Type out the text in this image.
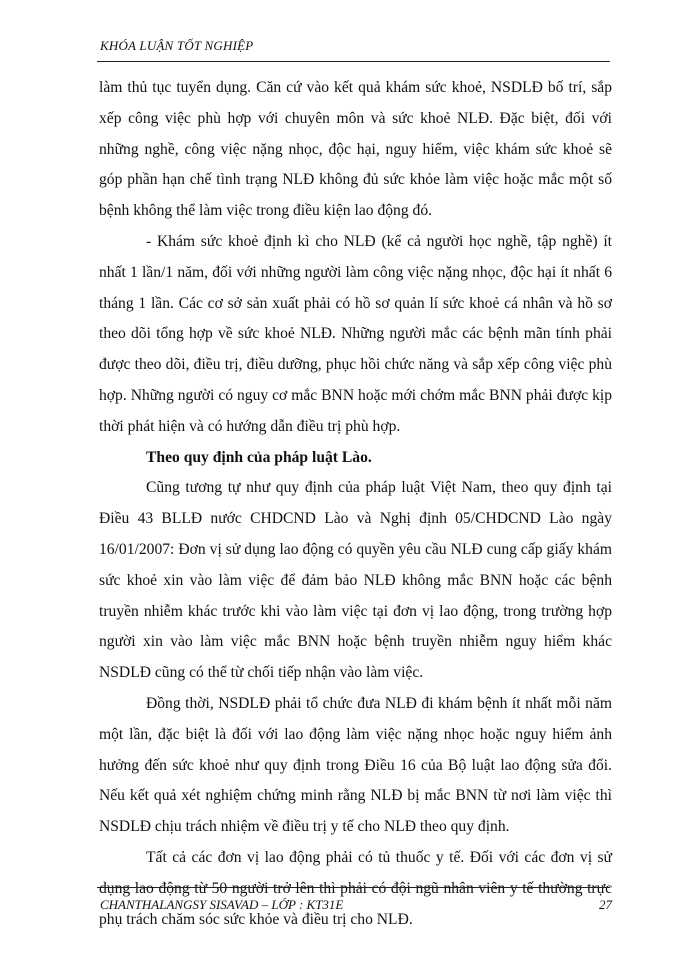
KHÓA LUẬN TỐT NGHIỆP

làm thủ tục tuyển dụng. Căn cứ vào kết quả khám sức khoẻ, NSDLĐ bố trí, sắp xếp công việc phù hợp với chuyên môn và sức khoẻ NLĐ. Đặc biệt, đối với những nghề, công việc nặng nhọc, độc hại, nguy hiểm, việc khám sức khoẻ sẽ góp phần hạn chế tình trạng NLĐ không đủ sức khỏe làm việc hoặc mắc một số bệnh không thể làm việc trong điều kiện lao động đó.

- Khám sức khoẻ định kì cho NLĐ (kể cả người học nghề, tập nghề) ít nhất 1 lần/1 năm, đối với những người làm công việc nặng nhọc, độc hại ít nhất 6 tháng 1 lần. Các cơ sở sản xuất phải có hồ sơ quản lí sức khoẻ cá nhân và hồ sơ theo dõi tổng hợp về sức khoẻ NLĐ. Những người mắc các bệnh mãn tính phải được theo dõi, điều trị, điều dưỡng, phục hồi chức năng và sắp xếp công việc phù hợp. Những người có nguy cơ mắc BNN hoặc mới chớm mắc BNN phải được kịp thời phát hiện và có hướng dẫn điều trị phù hợp.

Theo quy định của pháp luật Lào.

Cũng tương tự như quy định của pháp luật Việt Nam, theo quy định tại Điều 43 BLLĐ nước CHDCND Lào và Nghị định 05/CHDCND Lào ngày 16/01/2007: Đơn vị sử dụng lao động có quyền yêu cầu NLĐ cung cấp giấy khám sức khoẻ xin vào làm việc để đảm bảo NLĐ không mắc BNN hoặc các bệnh truyền nhiễm khác trước khi vào làm việc tại đơn vị lao động, trong trường hợp người xin vào làm việc mắc BNN hoặc bệnh truyền nhiễm nguy hiểm khác NSDLĐ cũng có thể từ chối tiếp nhận vào làm việc.

Đồng thời, NSDLĐ phải tổ chức đưa NLĐ đi khám bệnh ít nhất mỗi năm một lần, đặc biệt là đối với lao động làm việc nặng nhọc hoặc nguy hiểm ảnh hưởng đến sức khoẻ như quy định trong Điều 16 của Bộ luật lao động sửa đổi. Nếu kết quả xét nghiệm chứng minh rằng NLĐ bị mắc BNN từ nơi làm việc thì NSDLĐ chịu trách nhiệm về điều trị y tế cho NLĐ theo quy định.

Tất cả các đơn vị lao động phải có tủ thuốc y tế. Đối với các đơn vị sử dụng lao động từ 50 người trở lên thì phải có đội ngũ nhân viên y tế thường trực phụ trách chăm sóc sức khỏe và điều trị cho NLĐ.

CHANTHALANGSY SISAVAD – LỚP : KT31E	27
